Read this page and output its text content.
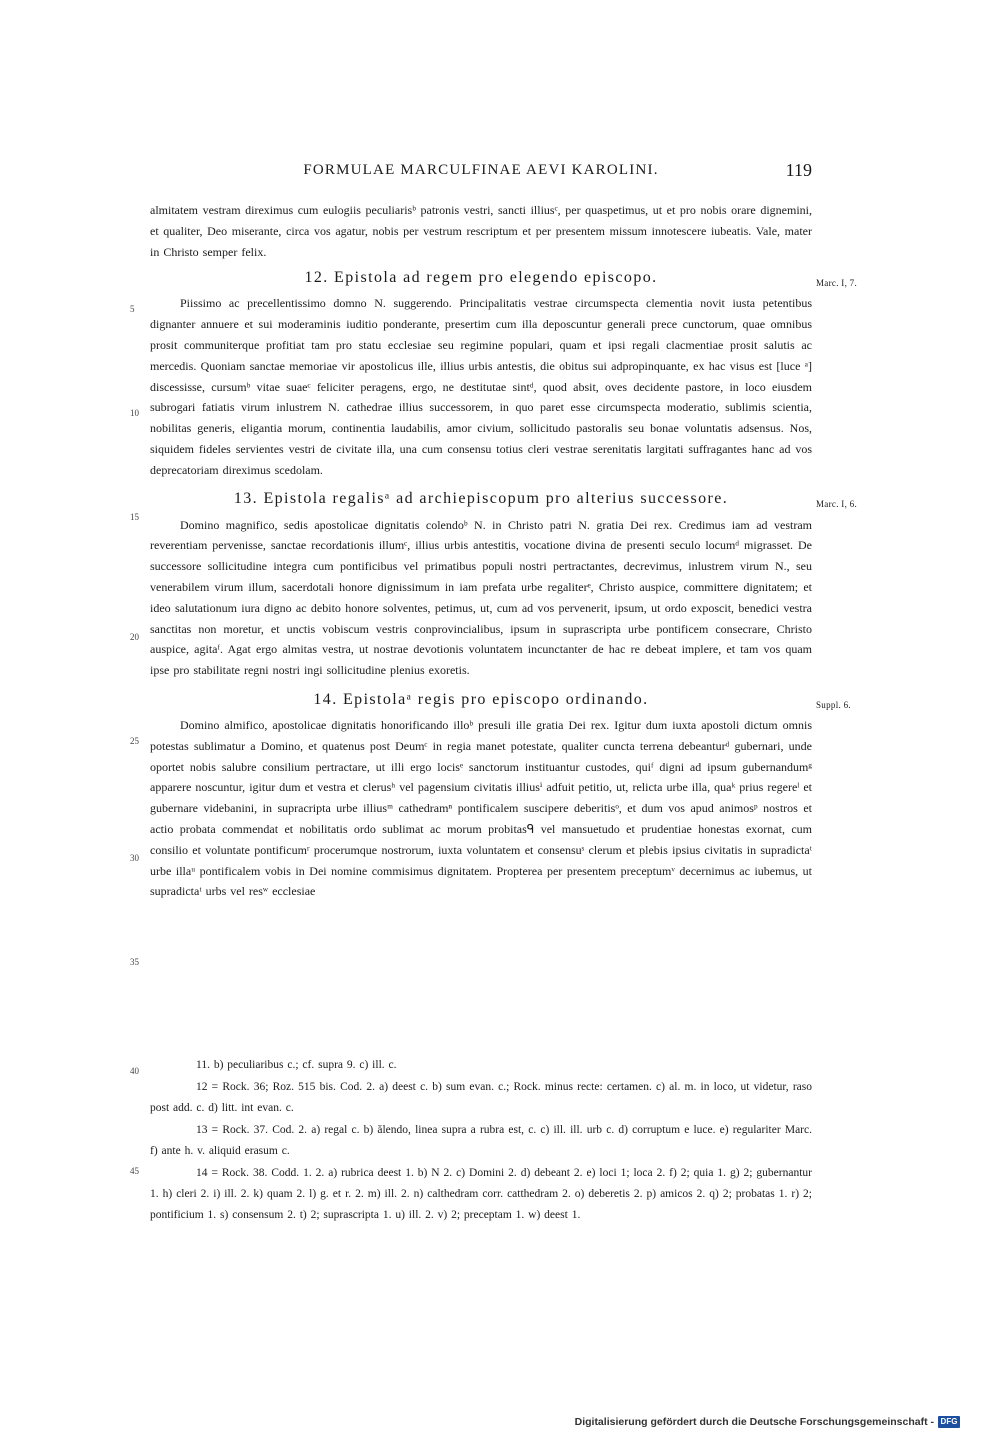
FORMULAE MARCULFINAE AEVI KAROLINI.	119

almitatem vestram direximus cum eulogiis peculiarisᵇ patronis vestri, sancti illiusᶜ, per quaspetimus, ut et pro nobis orare dignemini, et qualiter, Deo miserante, circa vos agatur, nobis per vestrum rescriptum et per presentem missum innotescere iubeatis. Vale, mater in Christo semper felix.

12. Epistola ad regem pro elegendo episcopo.	Marc. I, 7.

Piissimo ac precellentissimo domno N. suggerendo. Principalitatis vestrae circumspecta clementia novit iusta petentibus dignanter annuere et sui moderaminis iuditio ponderante, presertim cum illa deposcuntur generali prece cunctorum, quae omnibus prosit communiterque profitiat tam pro statu ecclesiae seu regimine populari, quam et ipsi regali clacmentiae prosit salutis ac mercedis. Quoniam sanctae memoriae vir apostolicus ille, illius urbis antestis, die obitus sui adpropinquante, ex hac visus est [luce ᵃ] discessisse, cursumᵇ vitae suaeᶜ feliciter peragens, ergo, ne destitutae sintᵈ, quod absit, oves decidente pastore, in loco eiusdem subrogari fatiatis virum inlustrem N. cathedrae illius successorem, in quo paret esse circumspecta moderatio, sublimis scientia, nobilitas generis, eligantia morum, continentia laudabilis, amor civium, sollicitudo pastoralis seu bonae voluntatis adsensus. Nos, siquidem fideles servientes vestri de civitate illa, una cum consensu totius cleri vestrae serenitatis largitati suffragantes hanc ad vos deprecatoriam direximus scedolam.

13. Epistola regalisᵃ ad archiepiscopum pro alterius successore.	Marc. I, 6.

Domino magnifico, sedis apostolicae dignitatis colendoᵇ N. in Christo patri N. gratia Dei rex. Credimus iam ad vestram reverentiam pervenisse, sanctae recordationis illumᶜ, illius urbis antestitis, vocatione divina de presenti seculo locumᵈ migrasset. De successore sollicitudine integra cum pontificibus vel primatibus populi nostri pertractantes, decrevimus, inlustrem virum N., seu venerabilem virum illum, sacerdotali honore dignissimum in iam prefata urbe regaliterᵉ, Christo auspice, committere dignitatem; et ideo salutationum iura digno ac debito honore solventes, petimus, ut, cum ad vos pervenerit, ipsum, ut ordo exposcit, benedici vestra sanctitas non moretur, et unctis vobiscum vestris conprovincialibus, ipsum in suprascripta urbe pontificem consecrare, Christo auspice, agitaᶠ. Agat ergo almitas vestra, ut nostrae devotionis voluntatem incunctanter de hac re debeat implere, et tam vos quam ipse pro stabilitate regni nostri ingi sollicitudine plenius exoretis.

14. Epistolaᵃ regis pro episcopo ordinando.	Suppl. 6.

Domino almifico, apostolicae dignitatis honorificando illoᵇ presuli ille gratia Dei rex. Igitur dum iuxta apostoli dictum omnis potestas sublimatur a Domino, et quatenus post Deumᶜ in regia manet potestate, qualiter cuncta terrena debeanturᵈ gubernari, unde oportet nobis salubre consilium pertractare, ut illi ergo locisᵉ sanctorum instituantur custodes, quiᶠ digni ad ipsum gubernandumᵍ apparere noscuntur, igitur dum et vestra et clerusʰ vel pagensium civitatis illiusⁱ adfuit petitio, ut, relicta urbe illa, quaᵏ prius regereˡ et gubernare videbanini, in supracripta urbe illiusᵐ cathedramⁿ pontificalem suscipere deberitisᵒ, et dum vos apud animosᵖ nostros et actio probata commendat et nobilitatis ordo sublimat ac morum probitasᑫ vel mansuetudo et prudentiae honestas exornat, cum consilio et voluntate pontificumʳ procerumque nostrorum, iuxta voluntatem et consensuˢ clerum et plebis ipsius civitatis in supradictaᵗ urbe illaᵘ pontificalem vobis in Dei nomine commisimus dignitatem. Propterea per presentem preceptumᵛ decernimus ac iubemus, ut supradictaᵗ urbs vel resʷ ecclesiae

5
10
15
20
25
30
35
40
45

11. b) peculiaribus c.; cf. supra 9. c) ill. c.

12 = Rock. 36; Roz. 515 bis. Cod. 2. a) deest c. b) sum evan. c.; Rock. minus recte: certamen. c) al. m. in loco, ut videtur, raso post add. c. d) litt. int evan. c.

13 = Rock. 37. Cod. 2. a) regal c. b) ălendo, linea supra a rubra est, c. c) ill. ill. urb c. d) corruptum e luce. e) regulariter Marc. f) ante h. v. aliquid erasum c.

14 = Rock. 38. Codd. 1. 2. a) rubrica deest 1. b) N 2. c) Domini 2. d) debeant 2. e) loci 1; loca 2. f) 2; quia 1. g) 2; gubernantur 1. h) cleri 2. i) ill. 2. k) quam 2. l) g. et r. 2. m) ill. 2. n) calthedram corr. catthedram 2. o) deberetis 2. p) amicos 2. q) 2; probatas 1. r) 2; pontificium 1. s) consensum 2. t) 2; suprascripta 1. u) ill. 2. v) 2; preceptam 1. w) deest 1.

Digitalisierung gefördert durch die Deutsche Forschungsgemeinschaft - DFG
